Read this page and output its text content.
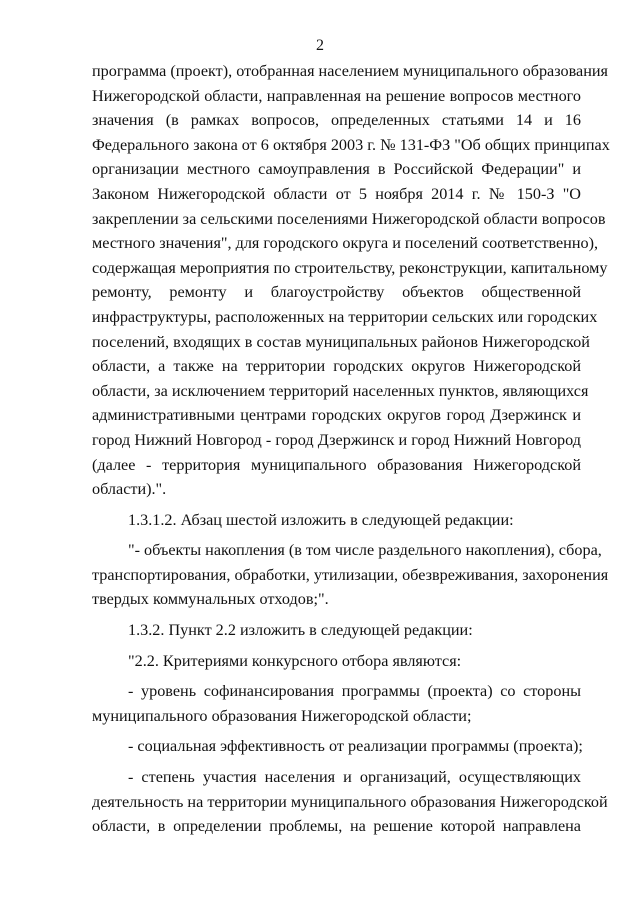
2
программа (проект), отобранная населением муниципального образования
Нижегородской области, направленная на решение вопросов местного
значения (в рамках вопросов, определенных статьями 14 и 16
Федерального закона от 6 октября 2003 г. № 131-ФЗ "Об общих принципах
организации местного самоуправления в Российской Федерации" и
Законом Нижегородской области от 5 ноября 2014 г. № 150-З "О
закреплении за сельскими поселениями Нижегородской области вопросов
местного значения", для городского округа и поселений соответственно),
содержащая мероприятия по строительству, реконструкции, капитальному
ремонту, ремонту и благоустройству объектов общественной
инфраструктуры, расположенных на территории сельских или городских
поселений, входящих в состав муниципальных районов Нижегородской
области, а также на территории городских округов Нижегородской
области, за исключением территорий населенных пунктов, являющихся
административными центрами городских округов город Дзержинск и
город Нижний Новгород - город Дзержинск и город Нижний Новгород
(далее - территория муниципального образования Нижегородской
области).".
1.3.1.2. Абзац шестой изложить в следующей редакции:
"- объекты накопления (в том числе раздельного накопления), сбора,
транспортирования, обработки, утилизации, обезвреживания, захоронения
твердых коммунальных отходов;".
1.3.2. Пункт 2.2 изложить в следующей редакции:
"2.2. Критериями конкурсного отбора являются:
- уровень софинансирования программы (проекта) со стороны
муниципального образования Нижегородской области;
- социальная эффективность от реализации программы (проекта);
- степень участия населения и организаций, осуществляющих
деятельность на территории муниципального образования Нижегородской
области, в определении проблемы, на решение которой направлена
